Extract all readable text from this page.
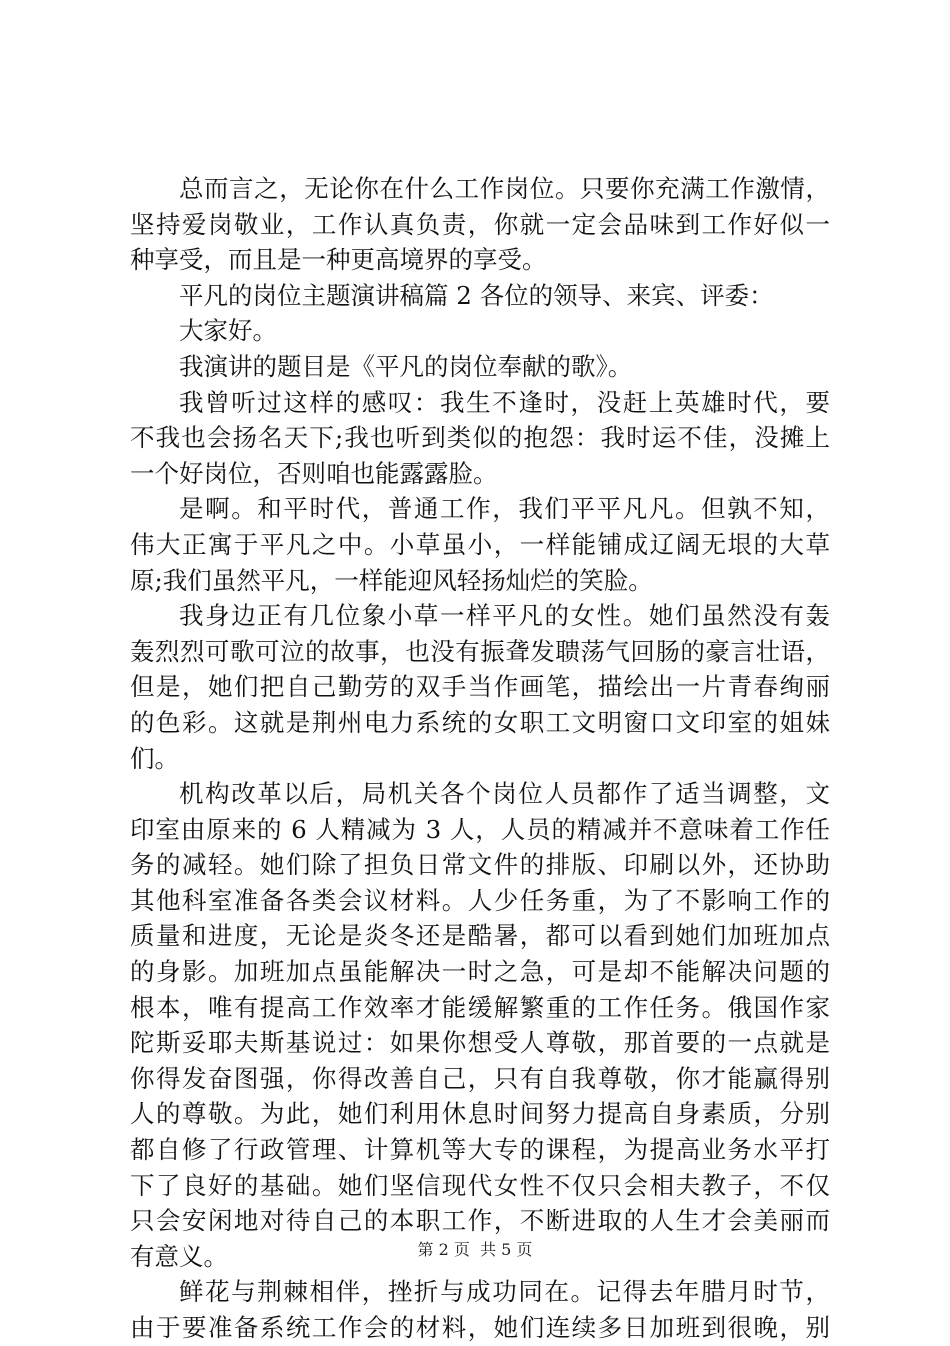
总而言之，无论你在什么工作岗位。只要你充满工作激情，
坚持爱岗敬业，工作认真负责，你就一定会品味到工作好似一
种享受，而且是一种更高境界的享受。
平凡的岗位主题演讲稿篇 2 各位的领导、来宾、评委：
大家好。
我演讲的题目是《平凡的岗位奉献的歌》。
我曾听过这样的感叹：我生不逢时，没赶上英雄时代，要
不我也会扬名天下;我也听到类似的抱怨：我时运不佳，没摊上
一个好岗位，否则咱也能露露脸。
是啊。和平时代，普通工作，我们平平凡凡。但孰不知，
伟大正寓于平凡之中。小草虽小，一样能铺成辽阔无垠的大草
原;我们虽然平凡，一样能迎风轻扬灿烂的笑脸。
我身边正有几位象小草一样平凡的女性。她们虽然没有轰
轰烈烈可歌可泣的故事，也没有振聋发聩荡气回肠的豪言壮语，
但是，她们把自己勤劳的双手当作画笔，描绘出一片青春绚丽
的色彩。这就是荆州电力系统的女职工文明窗口文印室的姐妹
们。
机构改革以后，局机关各个岗位人员都作了适当调整，文
印室由原来的 6 人精减为 3 人，人员的精减并不意味着工作任
务的减轻。她们除了担负日常文件的排版、印刷以外，还协助
其他科室准备各类会议材料。人少任务重，为了不影响工作的
质量和进度，无论是炎冬还是酷暑，都可以看到她们加班加点
的身影。加班加点虽能解决一时之急，可是却不能解决问题的
根本，唯有提高工作效率才能缓解繁重的工作任务。俄国作家
陀斯妥耶夫斯基说过：如果你想受人尊敬，那首要的一点就是
你得发奋图强，你得改善自己，只有自我尊敬，你才能赢得别
人的尊敬。为此，她们利用休息时间努力提高自身素质，分别
都自修了行政管理、计算机等大专的课程，为提高业务水平打
下了良好的基础。她们坚信现代女性不仅只会相夫教子，不仅
只会安闲地对待自己的本职工作，不断进取的人生才会美丽而
有意义。
鲜花与荆棘相伴，挫折与成功同在。记得去年腊月时节，
由于要准备系统工作会的材料，她们连续多日加班到很晚，别
第 2 页  共 5 页
